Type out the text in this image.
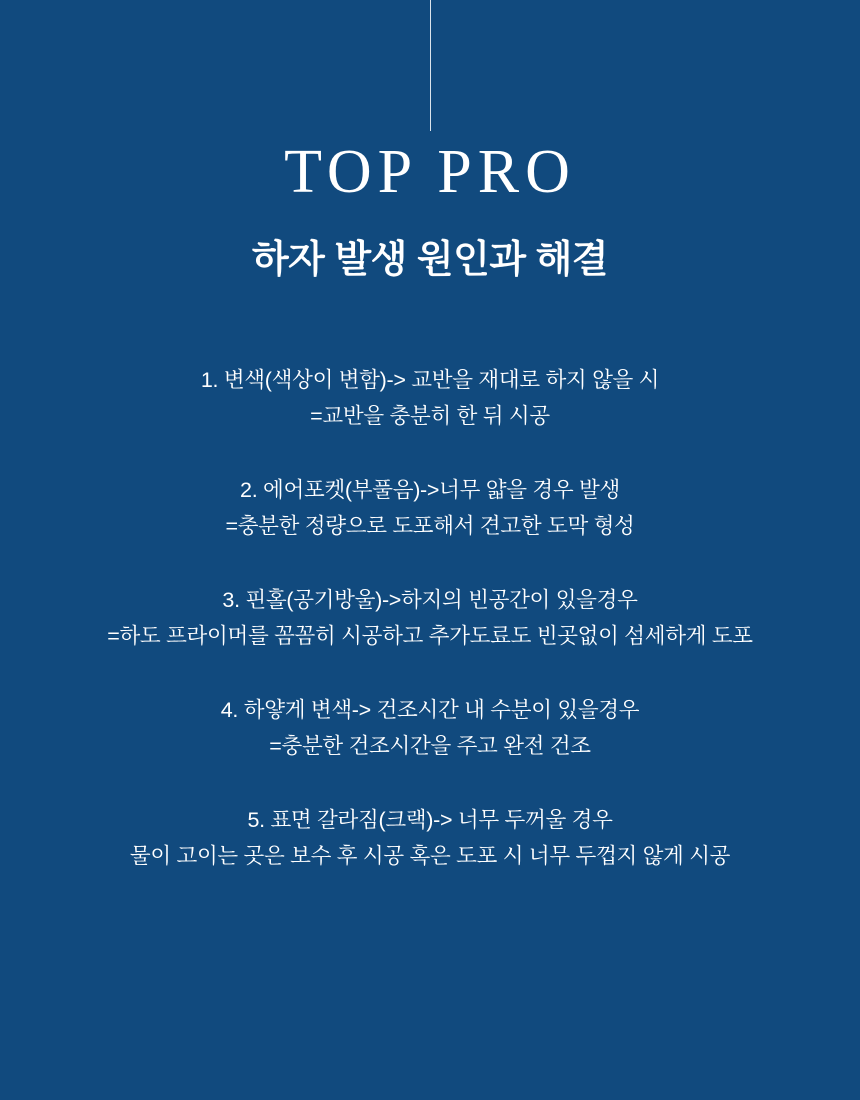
TOP PRO
하자 발생 원인과 해결
1. 변색(색상이 변함)-> 교반을 재대로 하지 않을 시
=교반을 충분히 한 뒤 시공
2. 에어포켓(부풀음)->너무 얇을 경우 발생
=충분한 정량으로 도포해서 견고한 도막 형성
3. 핀홀(공기방울)->하지의 빈공간이 있을경우
=하도 프라이머를 꼼꼼히 시공하고 추가도료도 빈곳없이 섬세하게 도포
4. 하얗게 변색-> 건조시간 내 수분이 있을경우
=충분한 건조시간을 주고 완전 건조
5. 표면 갈라짐(크랙)-> 너무 두꺼울 경우
물이 고이는 곳은 보수 후 시공 혹은 도포 시 너무 두껍지 않게 시공
